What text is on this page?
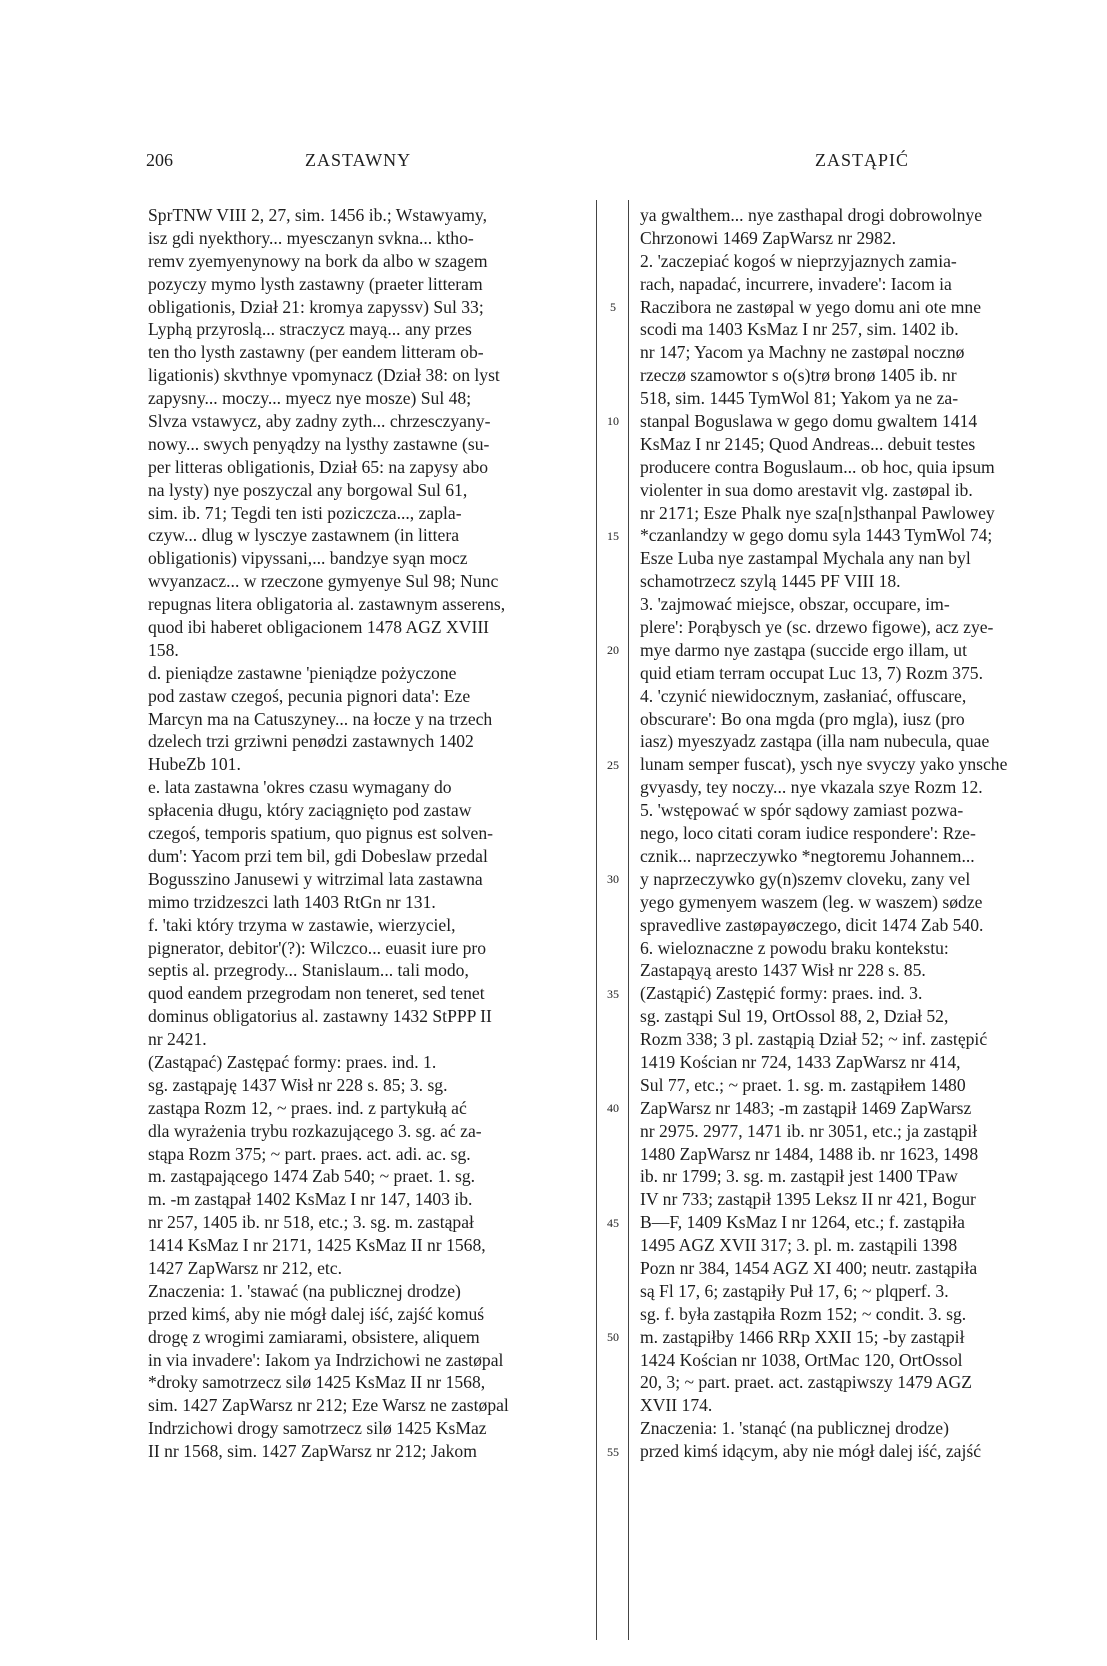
206	ZASTAWNY	ZASTĄPIĆ
5
10
15
20
25
30
35
40
45
50
55
SprTNW VIII 2, 27, sim. 1456 ib.; Wstawyamy,
isz gdi nyekthory... myesczanyn svkna... ktho-
remv zyemyenynowy na bork da albo w szagem
pozyczy mymo lysth zastawny (praeter litteram
obligationis, Dział 21: kromya zapyssv) Sul 33;
Lyphą przyroslą... straczycz mayą... any przes
ten tho lysth zastawny (per eandem litteram ob-
ligationis) skvthnye vpomynacz (Dział 38: on lyst
zapysny... moczy... myecz nye mosze) Sul 48;
Slvza vstawycz, aby zadny zyth... chrzesczyany-
nowy... swych penyądzy na lysthy zastawne (su-
per litteras obligationis, Dział 65: na zapysy abo
na lysty) nye poszyczal any borgowal Sul 61,
sim. ib. 71; Tegdi ten isti poziczcza..., zapla-
czyw... dlug w lysczye zastawnem (in littera
obligationis) vipyssani,... bandzye syąn mocz
wvyanzacz... w rzeczone gymyenye Sul 98; Nunc
repugnas litera obligatoria al. zastawnym asserens,
quod ibi haberet obligacionem 1478 AGZ XVIII
158.
d. pieniądze zastawne 'pieniądze pożyczone
pod zastaw czegoś, pecunia pignori data': Eze
Marcyn ma na Catuszyney... na łocze y na trzech
dzelech trzi grziwni penødzi zastawnych 1402
HubeZb 101.
e. lata zastawna 'okres czasu wymagany do
spłacenia długu, który zaciągnięto pod zastaw
czegoś, temporis spatium, quo pignus est solven-
dum': Yacom przi tem bil, gdi Dobeslaw przedal
Bogusszino Janusewi y witrzimal lata zastawna
mimo trzidzeszci lath 1403 RtGn nr 131.
f. 'taki który trzyma w zastawie, wierzyciel,
pignerator, debitor'(?): Wilczco... euasit iure pro
septis al. przegrody... Stanislaum... tali modo,
quod eandem przegrodam non teneret, sed tenet
dominus obligatorius al. zastawny 1432 StPPP II
nr 2421.
(Zastąpać) Zastępać formy: praes. ind. 1.
sg. zastąpaję 1437 Wisł nr 228 s. 85; 3. sg.
zastąpa Rozm 12, ~ praes. ind. z partykułą ać
dla wyrażenia trybu rozkazującego 3. sg. ać za-
stąpa Rozm 375; ~ part. praes. act. adi. ac. sg.
m. zastąpającego 1474 Zab 540; ~ praet. 1. sg.
m. -m zastąpał 1402 KsMaz I nr 147, 1403 ib.
nr 257, 1405 ib. nr 518, etc.; 3. sg. m. zastąpał
1414 KsMaz I nr 2171, 1425 KsMaz II nr 1568,
1427 ZapWarsz nr 212, etc.
Znaczenia: 1. 'stawać (na publicznej drodze)
przed kimś, aby nie mógł dalej iść, zajść komuś
drogę z wrogimi zamiarami, obsistere, aliquem
in via invadere': Iakom ya Indrzichowi ne zastøpal
*droky samotrzecz silø 1425 KsMaz II nr 1568,
sim. 1427 ZapWarsz nr 212; Eze Warsz ne zastøpal
Indrzichowi drogy samotrzecz silø 1425 KsMaz
II nr 1568, sim. 1427 ZapWarsz nr 212; Jakom
ya gwalthem... nye zasthapal drogi dobrowolnye
Chrzonowi 1469 ZapWarsz nr 2982.
2. 'zaczepiać kogoś w nieprzyjaznych zamia-
rach, napadać, incurrere, invadere': Iacom ia
Raczibora ne zastøpal w yego domu ani ote mne
scodi ma 1403 KsMaz I nr 257, sim. 1402 ib.
nr 147; Yacom ya Machny ne zastøpal nocznø
rzeczø szamowtor s o(s)trø bronø 1405 ib. nr
518, sim. 1445 TymWol 81; Yakom ya ne za-
stanpal Boguslawa w gego domu gwaltem 1414
KsMaz I nr 2145; Quod Andreas... debuit testes
producere contra Boguslaum... ob hoc, quia ipsum
violenter in sua domo arestavit vlg. zastøpal ib.
nr 2171; Esze Phalk nye sza[n]sthanpal Pawlowey
*czanlandzy w gego domu syla 1443 TymWol 74;
Esze Luba nye zastampal Mychala any nan byl
schamotrzecz szylą 1445 PF VIII 18.
3. 'zajmować miejsce, obszar, occupare, im-
plere': Porąbysch ye (sc. drzewo figowe), acz zye-
mye darmo nye zastąpa (succide ergo illam, ut
quid etiam terram occupat Luc 13, 7) Rozm 375.
4. 'czynić niewidocznym, zasłaniać, offuscare,
obscurare': Bo ona mgda (pro mgla), iusz (pro
iasz) myeszyadz zastąpa (illa nam nubecula, quae
lunam semper fuscat), ysch nye svyczy yako ynsche
gvyasdy, tey noczy... nye vkazala szye Rozm 12.
5. 'wstępować w spór sądowy zamiast pozwa-
nego, loco citati coram iudice respondere': Rze-
cznik... naprzeczywko *negtoremu Johannem...
y naprzeczywko gy(n)szemv cloveku, zany vel
yego gymenyem waszem (leg. w waszem) sødze
spravedlive zastøpayøczego, dicit 1474 Zab 540.
6. wieloznaczne z powodu braku kontekstu:
Zastapąyą aresto 1437 Wisł nr 228 s. 85.
(Zastąpić) Zastępić formy: praes. ind. 3.
sg. zastąpi Sul 19, OrtOssol 88, 2, Dział 52,
Rozm 338; 3 pl. zastąpią Dział 52; ~ inf. zastępić
1419 Kościan nr 724, 1433 ZapWarsz nr 414,
Sul 77, etc.; ~ praet. 1. sg. m. zastąpiłem 1480
ZapWarsz nr 1483; -m zastąpił 1469 ZapWarsz
nr 2975. 2977, 1471 ib. nr 3051, etc.; ja zastąpił
1480 ZapWarsz nr 1484, 1488 ib. nr 1623, 1498
ib. nr 1799; 3. sg. m. zastąpił jest 1400 TPaw
IV nr 733; zastąpił 1395 Leksz II nr 421, Bogur
B—F, 1409 KsMaz I nr 1264, etc.; f. zastąpiła
1495 AGZ XVII 317; 3. pl. m. zastąpili 1398
Pozn nr 384, 1454 AGZ XI 400; neutr. zastąpiła
są Fl 17, 6; zastąpiły Puł 17, 6; ~ plqperf. 3.
sg. f. była zastąpiła Rozm 152; ~ condit. 3. sg.
m. zastąpiłby 1466 RRp XXII 15; -by zastąpił
1424 Kościan nr 1038, OrtMac 120, OrtOssol
20, 3; ~ part. praet. act. zastąpiwszy 1479 AGZ
XVII 174.
Znaczenia: 1. 'stanąć (na publicznej drodze)
przed kimś idącym, aby nie mógł dalej iść, zajść
